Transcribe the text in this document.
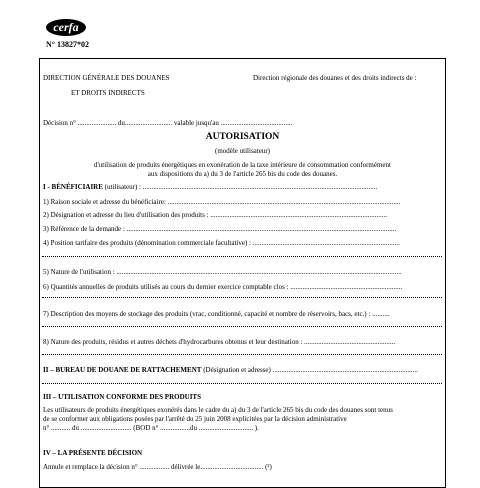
cerfa
N° 13827*02
DIRECTION GÉNÉRALE DES DOUANES
ET DROITS INDIRECTS
Direction régionale des douanes et des droits indirects de :
Décision n° ...................... du........................... valable jusqu'au .........................................
AUTORISATION
(modèle utilisateur)
d'utilisation de produits énergétiques en exonération de la taxe intérieure de consommation conformément
aux dispositions du a) du 3 de l'article 265 bis du code des douanes.
I - BÉNÉFICIAIRE (utilisateur) : ......................................................................................................................................
1) Raison sociale et adresse du bénéficiaire: .....................................................................................................................................
2) Désignation et adresse du lieu d'utilisation des produits : .....................................................................................................
3) Référence de la demande : ..........................................................................................................................................................
4) Position tarifaire des produits (dénomination commerciale facultative) : ....................................................................................
5) Nature de l'utilisation : ...................................................................................................................................................................
6) Quantités annuelles de produits utilisés au cours du dernier exercice comptable clos : ................................................................
7) Description des moyens de stockage des produits (vrac, conditionné, capacité et nombre de réservoirs, bacs, etc.) : ..........
8) Nature des produits, résidus et autres déchets d'hydrocarbures obtenus et leur destination : ....................................................
II – BUREAU DE DOUANE DE RATTACHEMENT (Désignation et adresse) ...................................................................................
III – UTILISATION CONFORME DES PRODUITS
Les utilisateurs de produits énergétiques exonérés dans le cadre du a) du 3 de l'article 265 bis du code des douanes sont tenus
de se conformer aux obligations posées par l'arrêté du 25 juin 2008 explicitées par la décision administrative
n° ........... du ............................. (BOD n° .................du ............................... ).
IV – LA PRÉSENTE DÉCISION
Annule et remplace la décision n° ................. délivrée le.................................... (²)
